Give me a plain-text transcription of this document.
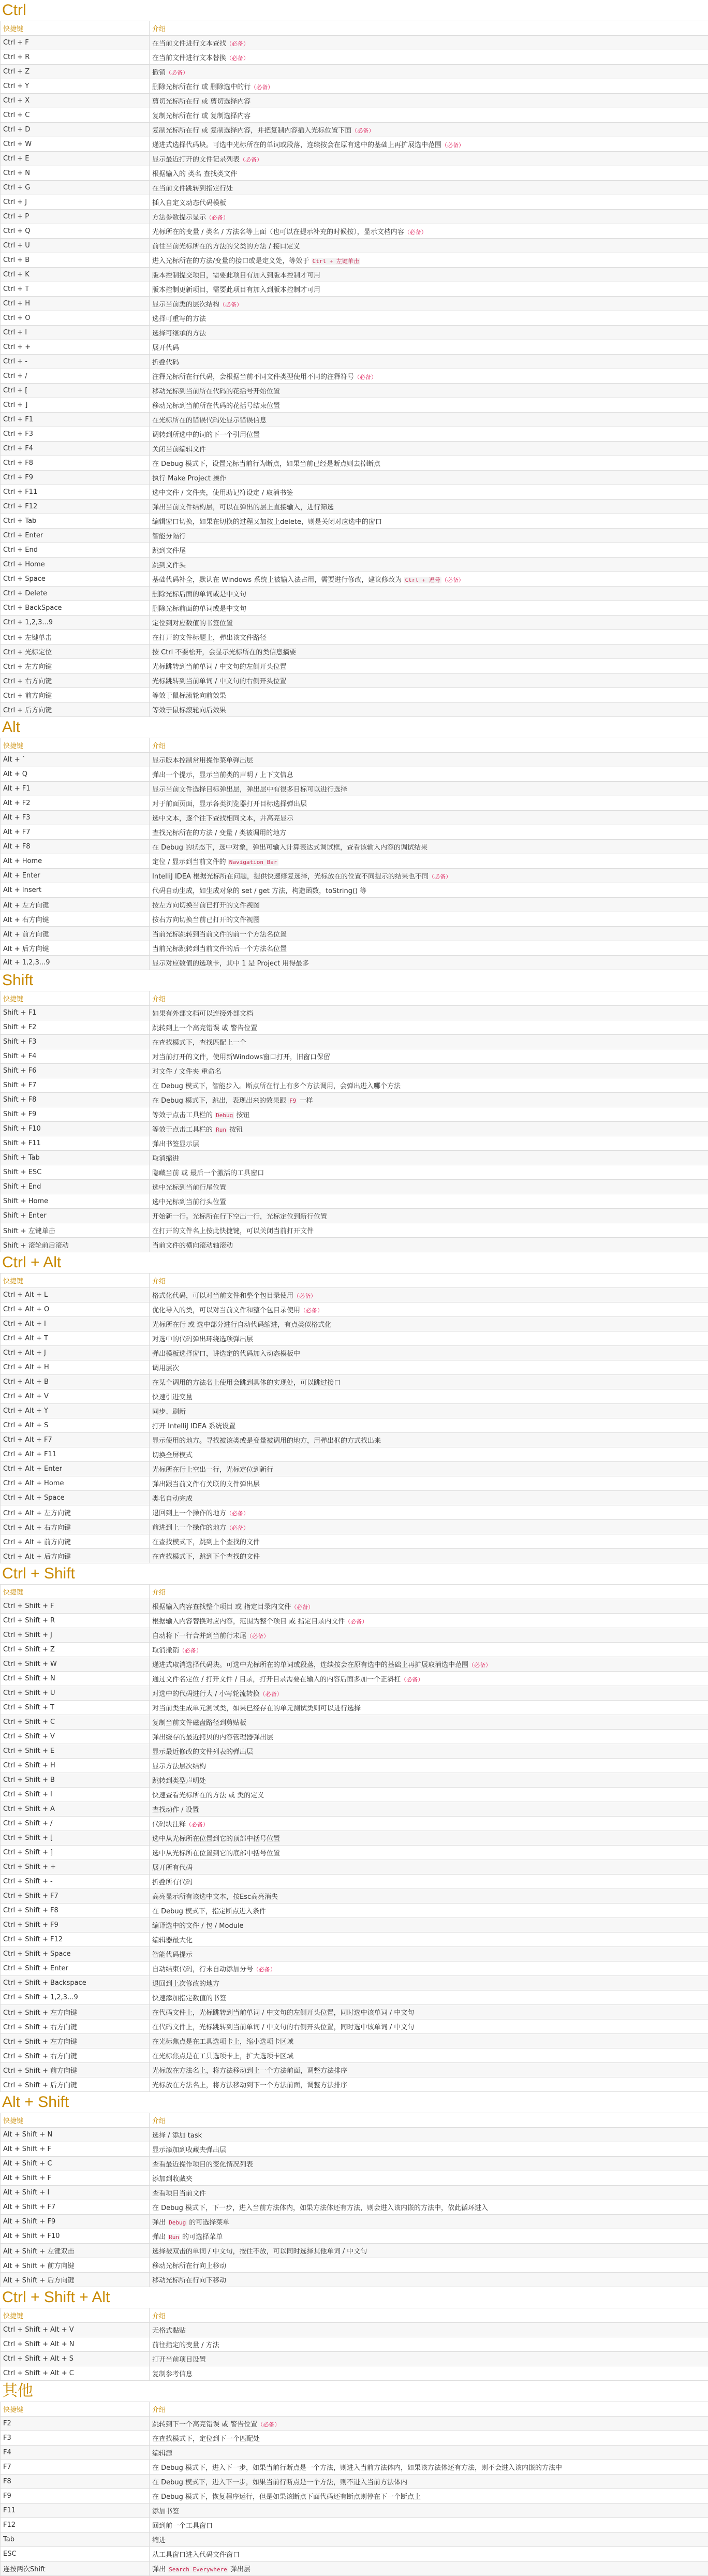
Ctrl
快捷键	介绍
Ctrl + F	在当前文件进行文本查找（必备）
Ctrl + R	在当前文件进行文本替换（必备）
Ctrl + Z	撤销（必备）
Ctrl + Y	删除光标所在行 或 删除选中的行（必备）
Ctrl + X	剪切光标所在行 或 剪切选择内容
Ctrl + C	复制光标所在行 或 复制选择内容
Ctrl + D	复制光标所在行 或 复制选择内容，并把复制内容插入光标位置下面（必备）
Ctrl + W	递进式选择代码块。可选中光标所在的单词或段落，连续按会在原有选中的基础上再扩展选中范围（必备）
Ctrl + E	显示最近打开的文件记录列表（必备）
Ctrl + N	根据输入的 类名 查找类文件
Ctrl + G	在当前文件跳转到指定行处
Ctrl + J	插入自定义动态代码模板
Ctrl + P	方法参数提示显示（必备）
Ctrl + Q	光标所在的变量 / 类名 / 方法名等上面（也可以在提示补充的时候按），显示文档内容（必备）
Ctrl + U	前往当前光标所在的方法的父类的方法 / 接口定义
Ctrl + B	进入光标所在的方法/变量的接口或是定义处，等效于 Ctrl + 左键单击
Ctrl + K	版本控制提交项目，需要此项目有加入到版本控制才可用
Ctrl + T	版本控制更新项目，需要此项目有加入到版本控制才可用
Ctrl + H	显示当前类的层次结构（必备）
Ctrl + O	选择可重写的方法
Ctrl + I	选择可继承的方法
Ctrl + +	展开代码
Ctrl + -	折叠代码
Ctrl + /	注释光标所在行代码，会根据当前不同文件类型使用不同的注释符号（必备）
Ctrl + [	移动光标到当前所在代码的花括号开始位置
Ctrl + ]	移动光标到当前所在代码的花括号结束位置
Ctrl + F1	在光标所在的错误代码处显示错误信息
Ctrl + F3	调转到所选中的词的下一个引用位置
Ctrl + F4	关闭当前编辑文件
Ctrl + F8	在 Debug 模式下，设置光标当前行为断点，如果当前已经是断点则去掉断点
Ctrl + F9	执行 Make Project 操作
Ctrl + F11	选中文件 / 文件夹，使用助记符设定 / 取消书签
Ctrl + F12	弹出当前文件结构层，可以在弹出的层上直接输入，进行筛选
Ctrl + Tab	编辑窗口切换，如果在切换的过程又加按上delete，则是关闭对应选中的窗口
Ctrl + Enter	智能分隔行
Ctrl + End	跳到文件尾
Ctrl + Home	跳到文件头
Ctrl + Space	基础代码补全，默认在 Windows 系统上被输入法占用，需要进行修改，建议修改为 Ctrl + 逗号 （必备）
Ctrl + Delete	删除光标后面的单词或是中文句
Ctrl + BackSpace	删除光标前面的单词或是中文句
Ctrl + 1,2,3...9	定位到对应数值的书签位置
Ctrl + 左键单击	在打开的文件标题上，弹出该文件路径
Ctrl + 光标定位	按 Ctrl 不要松开，会显示光标所在的类信息摘要
Ctrl + 左方向键	光标跳转到当前单词 / 中文句的左侧开头位置
Ctrl + 右方向键	光标跳转到当前单词 / 中文句的右侧开头位置
Ctrl + 前方向键	等效于鼠标滚轮向前效果
Ctrl + 后方向键	等效于鼠标滚轮向后效果
Alt
快捷键	介绍
Alt + `	显示版本控制常用操作菜单弹出层
Alt + Q	弹出一个提示，显示当前类的声明 / 上下文信息
Alt + F1	显示当前文件选择目标弹出层，弹出层中有很多目标可以进行选择
Alt + F2	对于前面页面，显示各类浏览器打开目标选择弹出层
Alt + F3	选中文本，逐个往下查找相同文本，并高亮显示
Alt + F7	查找光标所在的方法 / 变量 / 类被调用的地方
Alt + F8	在 Debug 的状态下，选中对象，弹出可输入计算表达式调试框，查看该输入内容的调试结果
Alt + Home	定位 / 显示到当前文件的 Navigation Bar
Alt + Enter	IntelliJ IDEA 根据光标所在问题，提供快速修复选择，光标放在的位置不同提示的结果也不同（必备）
Alt + Insert	代码自动生成，如生成对象的 set / get 方法，构造函数，toString() 等
Alt + 左方向键	按左方向切换当前已打开的文件视图
Alt + 右方向键	按右方向切换当前已打开的文件视图
Alt + 前方向键	当前光标跳转到当前文件的前一个方法名位置
Alt + 后方向键	当前光标跳转到当前文件的后一个方法名位置
Alt + 1,2,3...9	显示对应数值的选项卡，其中 1 是 Project 用得最多
Shift
快捷键	介绍
Shift + F1	如果有外部文档可以连接外部文档
Shift + F2	跳转到上一个高亮错误 或 警告位置
Shift + F3	在查找模式下，查找匹配上一个
Shift + F4	对当前打开的文件，使用新Windows窗口打开，旧窗口保留
Shift + F6	对文件 / 文件夹 重命名
Shift + F7	在 Debug 模式下，智能步入。断点所在行上有多个方法调用，会弹出进入哪个方法
Shift + F8	在 Debug 模式下，跳出，表现出来的效果跟 F9 一样
Shift + F9	等效于点击工具栏的 Debug 按钮
Shift + F10	等效于点击工具栏的 Run 按钮
Shift + F11	弹出书签显示层
Shift + Tab	取消缩进
Shift + ESC	隐藏当前 或 最后一个激活的工具窗口
Shift + End	选中光标到当前行尾位置
Shift + Home	选中光标到当前行头位置
Shift + Enter	开始新一行。光标所在行下空出一行，光标定位到新行位置
Shift + 左键单击	在打开的文件名上按此快捷键，可以关闭当前打开文件
Shift + 滚轮前后滚动	当前文件的横向滚动轴滚动
Ctrl + Alt
快捷键	介绍
Ctrl + Alt + L	格式化代码，可以对当前文件和整个包目录使用（必备）
Ctrl + Alt + O	优化导入的类，可以对当前文件和整个包目录使用（必备）
Ctrl + Alt + I	光标所在行 或 选中部分进行自动代码缩进，有点类似格式化
Ctrl + Alt + T	对选中的代码弹出环绕选项弹出层
Ctrl + Alt + J	弹出模板选择窗口，讲选定的代码加入动态模板中
Ctrl + Alt + H	调用层次
Ctrl + Alt + B	在某个调用的方法名上使用会跳到具体的实现处，可以跳过接口
Ctrl + Alt + V	快速引进变量
Ctrl + Alt + Y	同步、刷新
Ctrl + Alt + S	打开 IntelliJ IDEA 系统设置
Ctrl + Alt + F7	显示使用的地方。寻找被该类或是变量被调用的地方，用弹出框的方式找出来
Ctrl + Alt + F11	切换全屏模式
Ctrl + Alt + Enter	光标所在行上空出一行，光标定位到新行
Ctrl + Alt + Home	弹出跟当前文件有关联的文件弹出层
Ctrl + Alt + Space	类名自动完成
Ctrl + Alt + 左方向键	退回到上一个操作的地方（必备）
Ctrl + Alt + 右方向键	前进到上一个操作的地方（必备）
Ctrl + Alt + 前方向键	在查找模式下，跳到上个查找的文件
Ctrl + Alt + 后方向键	在查找模式下，跳到下个查找的文件
Ctrl + Shift
快捷键	介绍
Ctrl + Shift + F	根据输入内容查找整个项目 或 指定目录内文件（必备）
Ctrl + Shift + R	根据输入内容替换对应内容，范围为整个项目 或 指定目录内文件（必备）
Ctrl + Shift + J	自动将下一行合并到当前行末尾（必备）
Ctrl + Shift + Z	取消撤销（必备）
Ctrl + Shift + W	递进式取消选择代码块。可选中光标所在的单词或段落，连续按会在原有选中的基础上再扩展取消选中范围（必备）
Ctrl + Shift + N	通过文件名定位 / 打开文件 / 目录，打开目录需要在输入的内容后面多加一个正斜杠（必备）
Ctrl + Shift + U	对选中的代码进行大 / 小写轮流转换（必备）
Ctrl + Shift + T	对当前类生成单元测试类，如果已经存在的单元测试类则可以进行选择
Ctrl + Shift + C	复制当前文件磁盘路径到剪贴板
Ctrl + Shift + V	弹出缓存的最近拷贝的内容管理器弹出层
Ctrl + Shift + E	显示最近修改的文件列表的弹出层
Ctrl + Shift + H	显示方法层次结构
Ctrl + Shift + B	跳转到类型声明处
Ctrl + Shift + I	快速查看光标所在的方法 或 类的定义
Ctrl + Shift + A	查找动作 / 设置
Ctrl + Shift + /	代码块注释（必备）
Ctrl + Shift + [	选中从光标所在位置到它的顶部中括号位置
Ctrl + Shift + ]	选中从光标所在位置到它的底部中括号位置
Ctrl + Shift + +	展开所有代码
Ctrl + Shift + -	折叠所有代码
Ctrl + Shift + F7	高亮显示所有该选中文本，按Esc高亮消失
Ctrl + Shift + F8	在 Debug 模式下，指定断点进入条件
Ctrl + Shift + F9	编译选中的文件 / 包 / Module
Ctrl + Shift + F12	编辑器最大化
Ctrl + Shift + Space	智能代码提示
Ctrl + Shift + Enter	自动结束代码，行末自动添加分号（必备）
Ctrl + Shift + Backspace	退回到上次修改的地方
Ctrl + Shift + 1,2,3...9	快速添加指定数值的书签
Ctrl + Shift + 左方向键	在代码文件上，光标跳转到当前单词 / 中文句的左侧开头位置，同时选中该单词 / 中文句
Ctrl + Shift + 右方向键	在代码文件上，光标跳转到当前单词 / 中文句的右侧开头位置，同时选中该单词 / 中文句
Ctrl + Shift + 左方向键	在光标焦点是在工具选项卡上，缩小选项卡区域
Ctrl + Shift + 右方向键	在光标焦点是在工具选项卡上，扩大选项卡区域
Ctrl + Shift + 前方向键	光标放在方法名上，将方法移动到上一个方法前面，调整方法排序
Ctrl + Shift + 后方向键	光标放在方法名上，将方法移动到下一个方法前面，调整方法排序
Alt + Shift
快捷键	介绍
Alt + Shift + N	选择 / 添加 task
Alt + Shift + F	显示添加到收藏夹弹出层
Alt + Shift + C	查看最近操作项目的变化情况列表
Alt + Shift + F	添加到收藏夹
Alt + Shift + I	查看项目当前文件
Alt + Shift + F7	在 Debug 模式下，下一步，进入当前方法体内，如果方法体还有方法，则会进入该内嵌的方法中，依此循环进入
Alt + Shift + F9	弹出 Debug 的可选择菜单
Alt + Shift + F10	弹出 Run 的可选择菜单
Alt + Shift + 左键双击	选择被双击的单词 / 中文句，按住不放，可以同时选择其他单词 / 中文句
Alt + Shift + 前方向键	移动光标所在行向上移动
Alt + Shift + 后方向键	移动光标所在行向下移动
Ctrl + Shift + Alt
快捷键	介绍
Ctrl + Shift + Alt + V	无格式黏贴
Ctrl + Shift + Alt + N	前往指定的变量 / 方法
Ctrl + Shift + Alt + S	打开当前项目设置
Ctrl + Shift + Alt + C	复制参考信息
其他
快捷键	介绍
F2	跳转到下一个高亮错误 或 警告位置（必备）
F3	在查找模式下，定位到下一个匹配处
F4	编辑源
F7	在 Debug 模式下，进入下一步，如果当前行断点是一个方法，则进入当前方法体内，如果该方法体还有方法，则不会进入该内嵌的方法中
F8	在 Debug 模式下，进入下一步，如果当前行断点是一个方法，则不进入当前方法体内
F9	在 Debug 模式下，恢复程序运行，但是如果该断点下面代码还有断点则停在下一个断点上
F11	添加书签
F12	回到前一个工具窗口
Tab	缩进
ESC	从工具窗口进入代码文件窗口
连按两次Shift	弹出 Search Everywhere 弹出层
